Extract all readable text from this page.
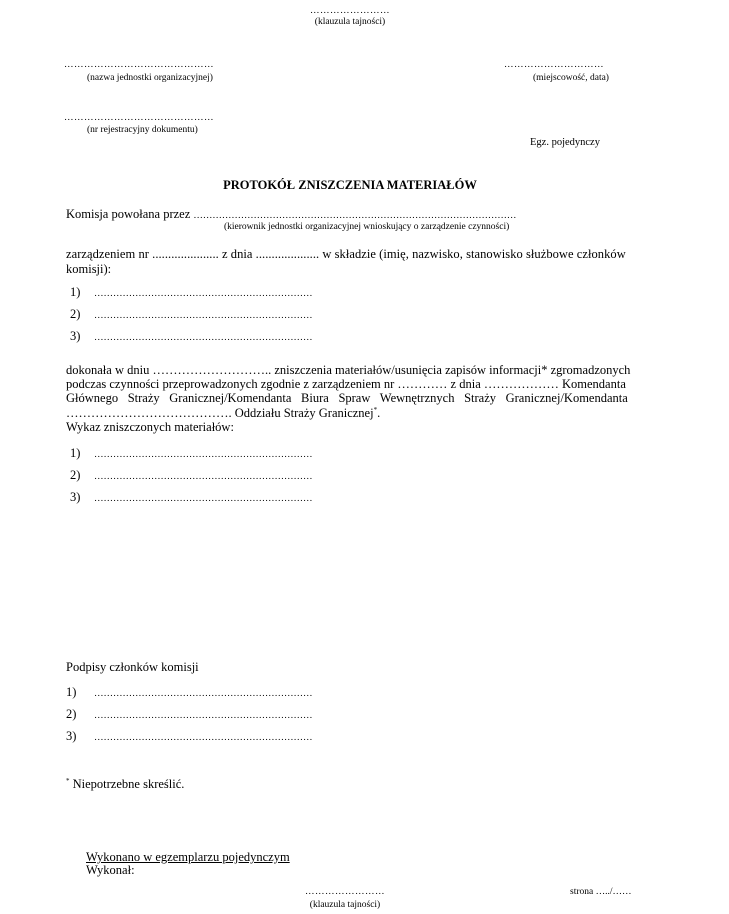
……………………
(klauzula tajności)
………………………………………
(nazwa jednostki organizacyjnej)
…………………………
(miejscowość, data)
………………………………………
(nr rejestracyjny dokumentu)
Egz. pojedynczy
PROTOKÓŁ ZNISZCZENIA MATERIAŁÓW
Komisja powołana przez …………………………………………………………………………………………
(kierownik jednostki organizacyjnej wnioskujący o zarządzenie czynności)
zarządzeniem nr ..................... z dnia .................... w składzie (imię, nazwisko, stanowisko służbowe członków
komisji):
1) ……………………………………………………………
2) ……………………………………………………………
3) ……………………………………………………………
dokonała w dniu ……………………….. zniszczenia materiałów/usunięcia zapisów informacji* zgromadzonych
podczas czynności przeprowadzonych zgodnie z zarządzeniem nr ………… z dnia ……………… Komendanta
Głównego Straży Granicznej/Komendanta Biura Spraw Wewnętrznych Straży Granicznej/Komendanta
…………………………………. Oddziału Straży Granicznej*.
Wykaz zniszczonych materiałów:
1) ……………………………………………………………
2) ……………………………………………………………
3) ……………………………………………………………
Podpisy członków komisji
1) ……………………………………………………………
2) ……………………………………………………………
3) ……………………………………………………………
* Niepotrzebne skreślić.
Wykonano w egzemplarzu pojedynczym
Wykonał:
……………………
(klauzula tajności)
strona …../……
